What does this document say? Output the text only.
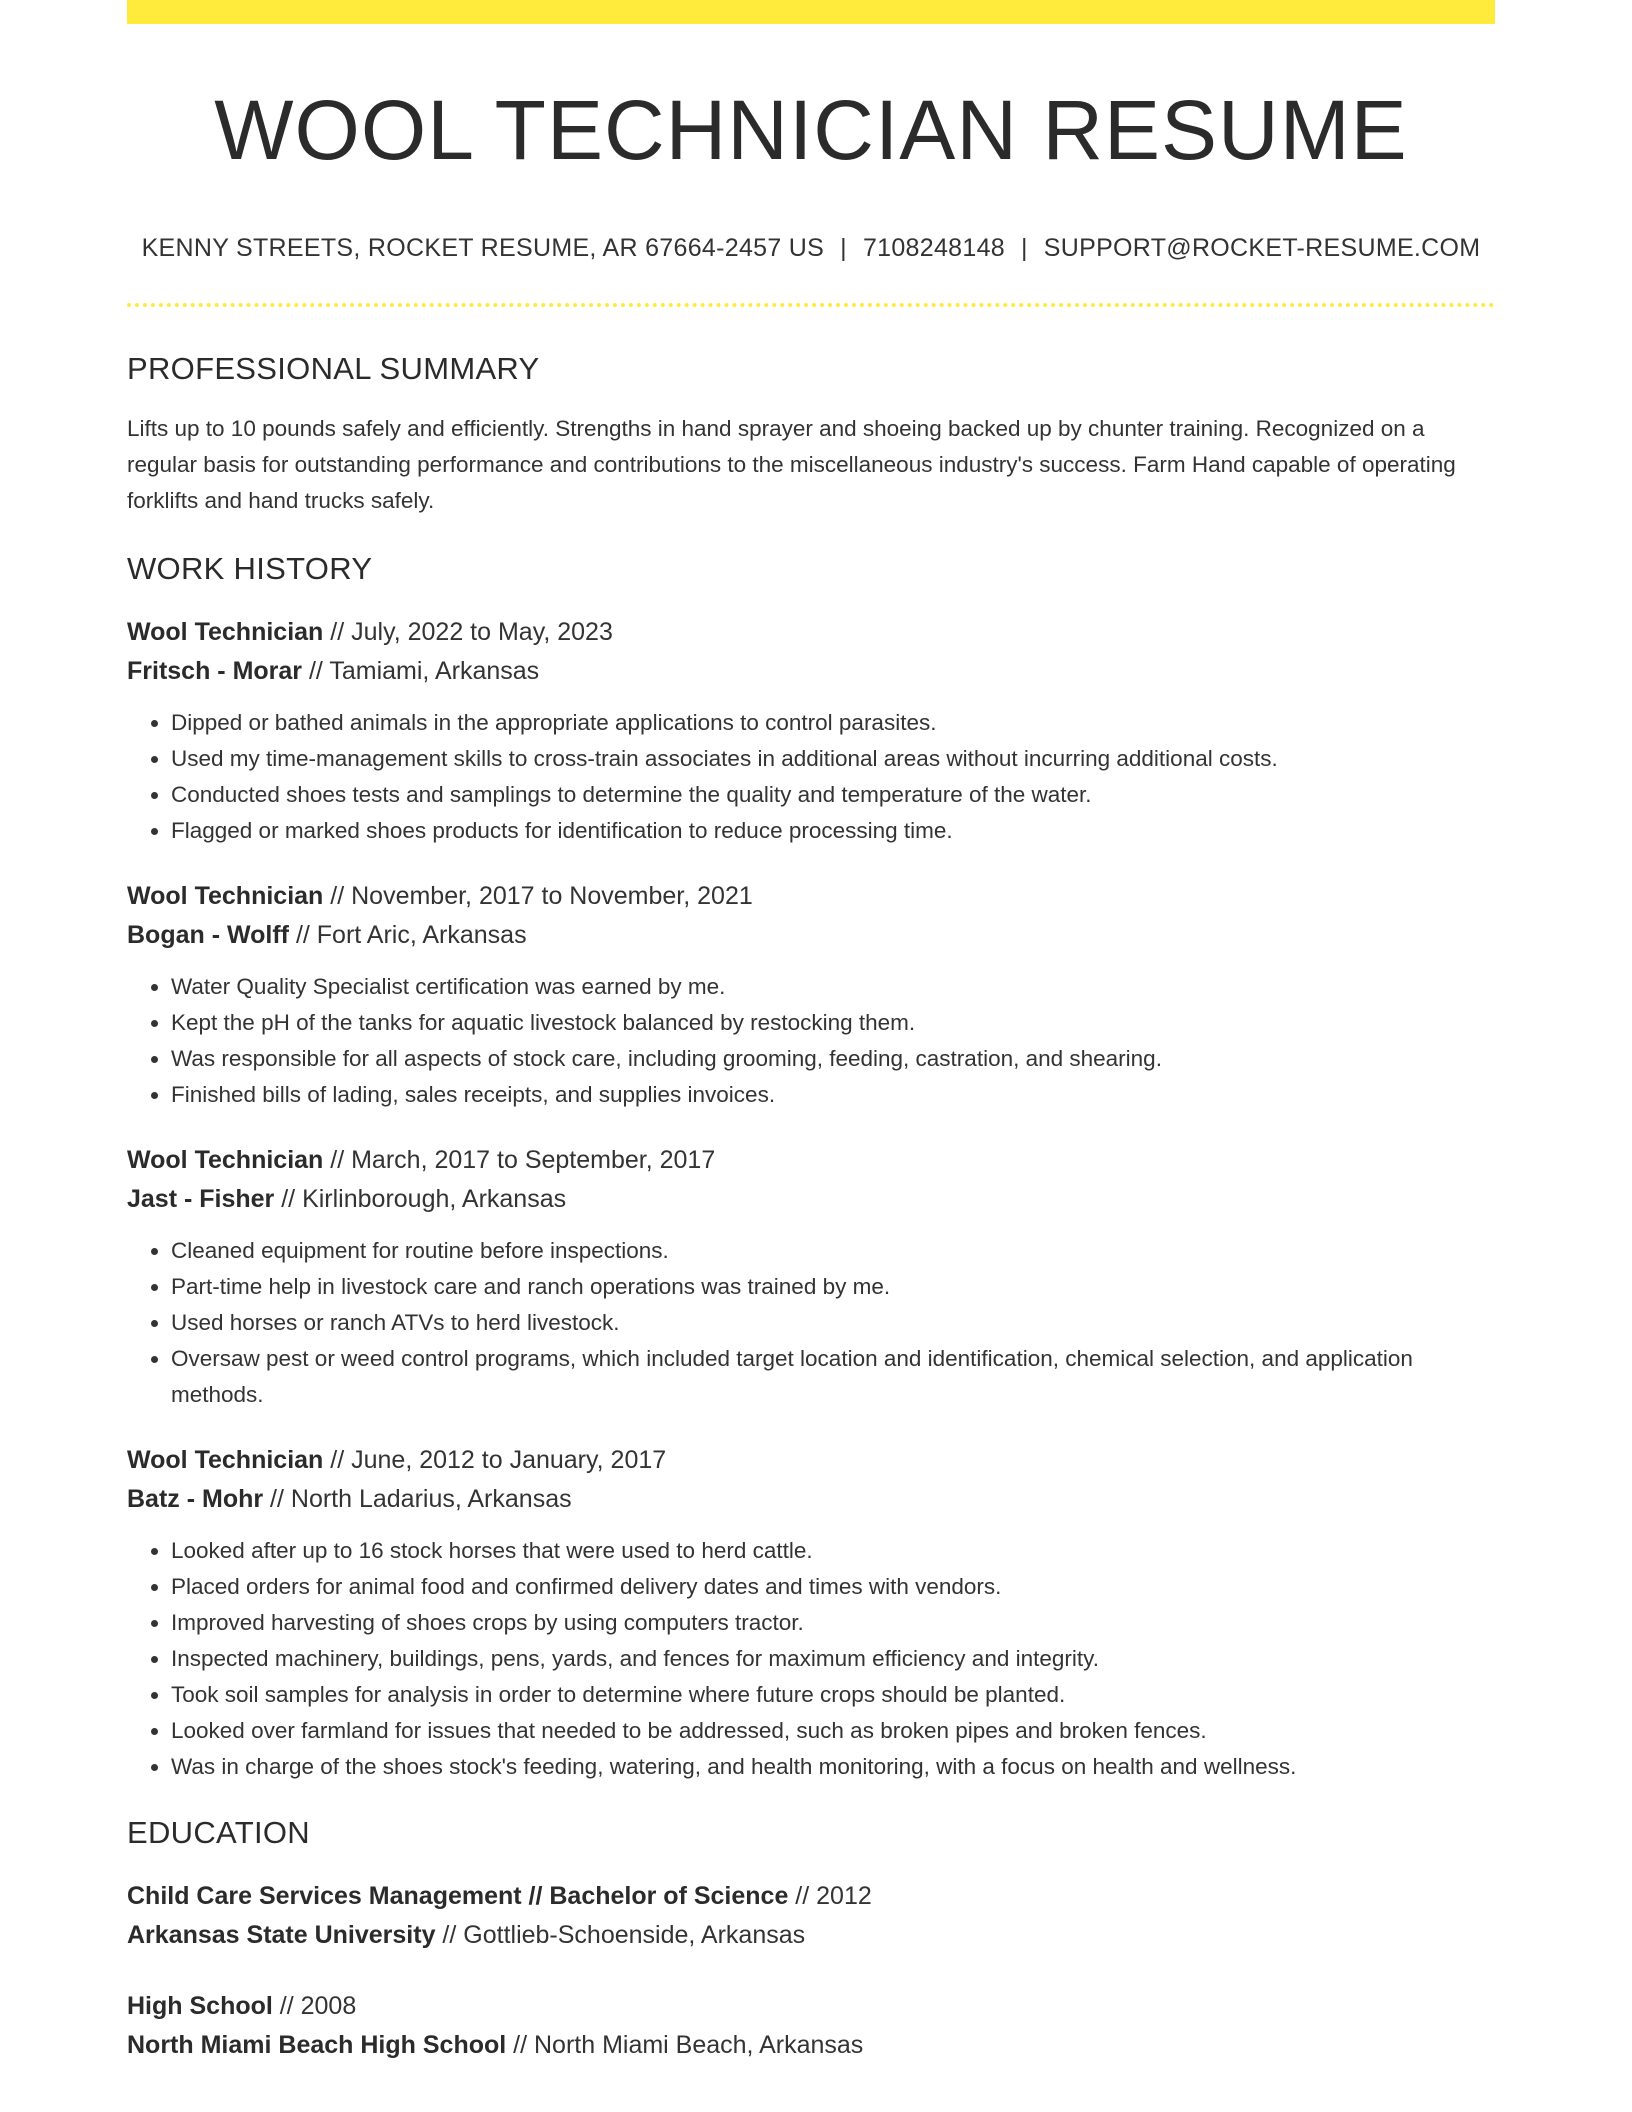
WOOL TECHNICIAN RESUME
KENNY STREETS, ROCKET RESUME, AR 67664-2457 US | 7108248148 | SUPPORT@ROCKET-RESUME.COM
PROFESSIONAL SUMMARY

Lifts up to 10 pounds safely and efficiently. Strengths in hand sprayer and shoeing backed up by chunter training. Recognized on a regular basis for outstanding performance and contributions to the miscellaneous industry's success. Farm Hand capable of operating forklifts and hand trucks safely.

WORK HISTORY
Wool Technician // July, 2022 to May, 2023
Fritsch - Morar // Tamiami, Arkansas
• Dipped or bathed animals in the appropriate applications to control parasites.
• Used my time-management skills to cross-train associates in additional areas without incurring additional costs.
• Conducted shoes tests and samplings to determine the quality and temperature of the water.
• Flagged or marked shoes products for identification to reduce processing time.
Wool Technician // November, 2017 to November, 2021
Bogan - Wolff // Fort Aric, Arkansas
• Water Quality Specialist certification was earned by me.
• Kept the pH of the tanks for aquatic livestock balanced by restocking them.
• Was responsible for all aspects of stock care, including grooming, feeding, castration, and shearing.
• Finished bills of lading, sales receipts, and supplies invoices.
Wool Technician // March, 2017 to September, 2017
Jast - Fisher // Kirlinborough, Arkansas
• Cleaned equipment for routine before inspections.
• Part-time help in livestock care and ranch operations was trained by me.
• Used horses or ranch ATVs to herd livestock.
• Oversaw pest or weed control programs, which included target location and identification, chemical selection, and application methods.
Wool Technician // June, 2012 to January, 2017
Batz - Mohr // North Ladarius, Arkansas
• Looked after up to 16 stock horses that were used to herd cattle.
• Placed orders for animal food and confirmed delivery dates and times with vendors.
• Improved harvesting of shoes crops by using computers tractor.
• Inspected machinery, buildings, pens, yards, and fences for maximum efficiency and integrity.
• Took soil samples for analysis in order to determine where future crops should be planted.
• Looked over farmland for issues that needed to be addressed, such as broken pipes and broken fences.
• Was in charge of the shoes stock's feeding, watering, and health monitoring, with a focus on health and wellness.
EDUCATION
Child Care Services Management // Bachelor of Science // 2012
Arkansas State University // Gottlieb-Schoenside, Arkansas
High School // 2008
North Miami Beach High School // North Miami Beach, Arkansas
